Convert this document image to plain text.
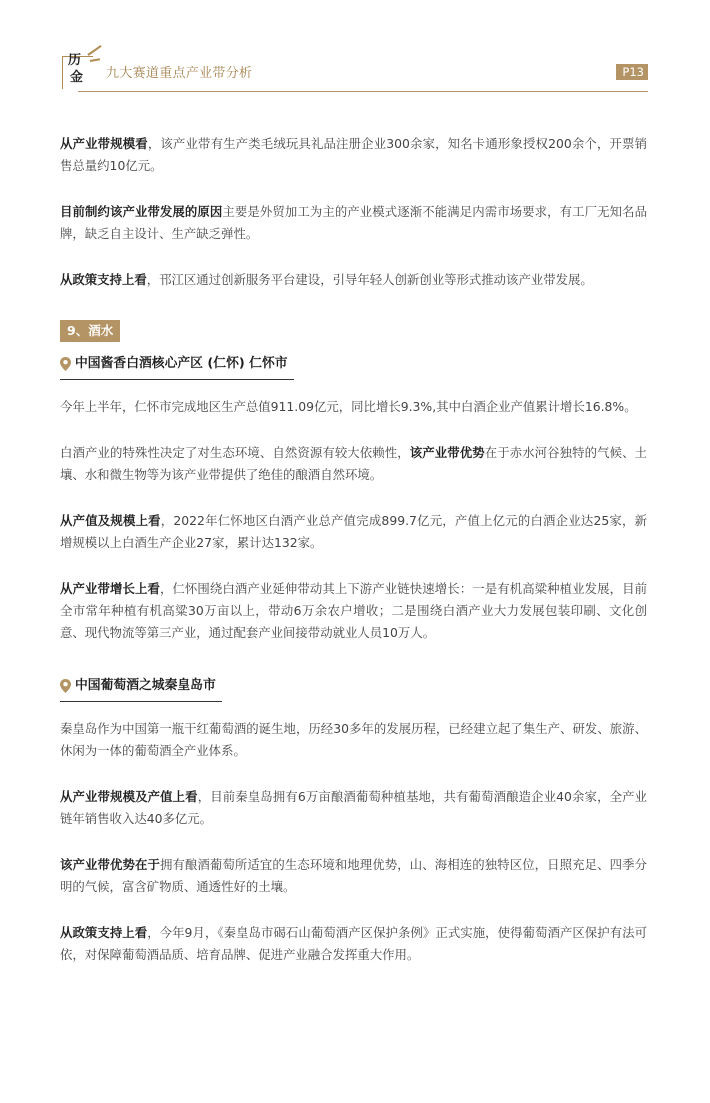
历
金 九大赛道重点产业带分析	P13

从产业带规模看，该产业带有生产类毛绒玩具礼品注册企业300余家，知名卡通形象授权200余个，开票销售总量约10亿元。

目前制约该产业带发展的原因主要是外贸加工为主的产业模式逐渐不能满足内需市场要求，有工厂无知名品牌，缺乏自主设计、生产缺乏弹性。

从政策支持上看，邗江区通过创新服务平台建设，引导年轻人创新创业等形式推动该产业带发展。

9、酒水
中国酱香白酒核心产区 (仁怀) 仁怀市

今年上半年，仁怀市完成地区生产总值911.09亿元，同比增长9.3%,其中白酒企业产值累计增长16.8%。

白酒产业的特殊性决定了对生态环境、自然资源有较大依赖性，该产业带优势在于赤水河谷独特的气候、土壤、水和微生物等为该产业带提供了绝佳的酿酒自然环境。

从产值及规模上看，2022年仁怀地区白酒产业总产值完成899.7亿元，产值上亿元的白酒企业达25家，新增规模以上白酒生产企业27家，累计达132家。

从产业带增长上看，仁怀围绕白酒产业延伸带动其上下游产业链快速增长：一是有机高粱种植业发展，目前全市常年种植有机高粱30万亩以上，带动6万余农户增收；二是围绕白酒产业大力发展包装印刷、文化创意、现代物流等第三产业，通过配套产业间接带动就业人员10万人。

中国葡萄酒之城秦皇岛市

秦皇岛作为中国第一瓶干红葡萄酒的诞生地，历经30多年的发展历程，已经建立起了集生产、研发、旅游、休闲为一体的葡萄酒全产业体系。

从产业带规模及产值上看，目前秦皇岛拥有6万亩酿酒葡萄种植基地，共有葡萄酒酿造企业40余家，全产业链年销售收入达40多亿元。

该产业带优势在于拥有酿酒葡萄所适宜的生态环境和地理优势，山、海相连的独特区位，日照充足、四季分明的气候，富含矿物质、通透性好的土壤。

从政策支持上看，今年9月，《秦皇岛市碣石山葡萄酒产区保护条例》正式实施，使得葡萄酒产区保护有法可依，对保障葡萄酒品质、培育品牌、促进产业融合发挥重大作用。
